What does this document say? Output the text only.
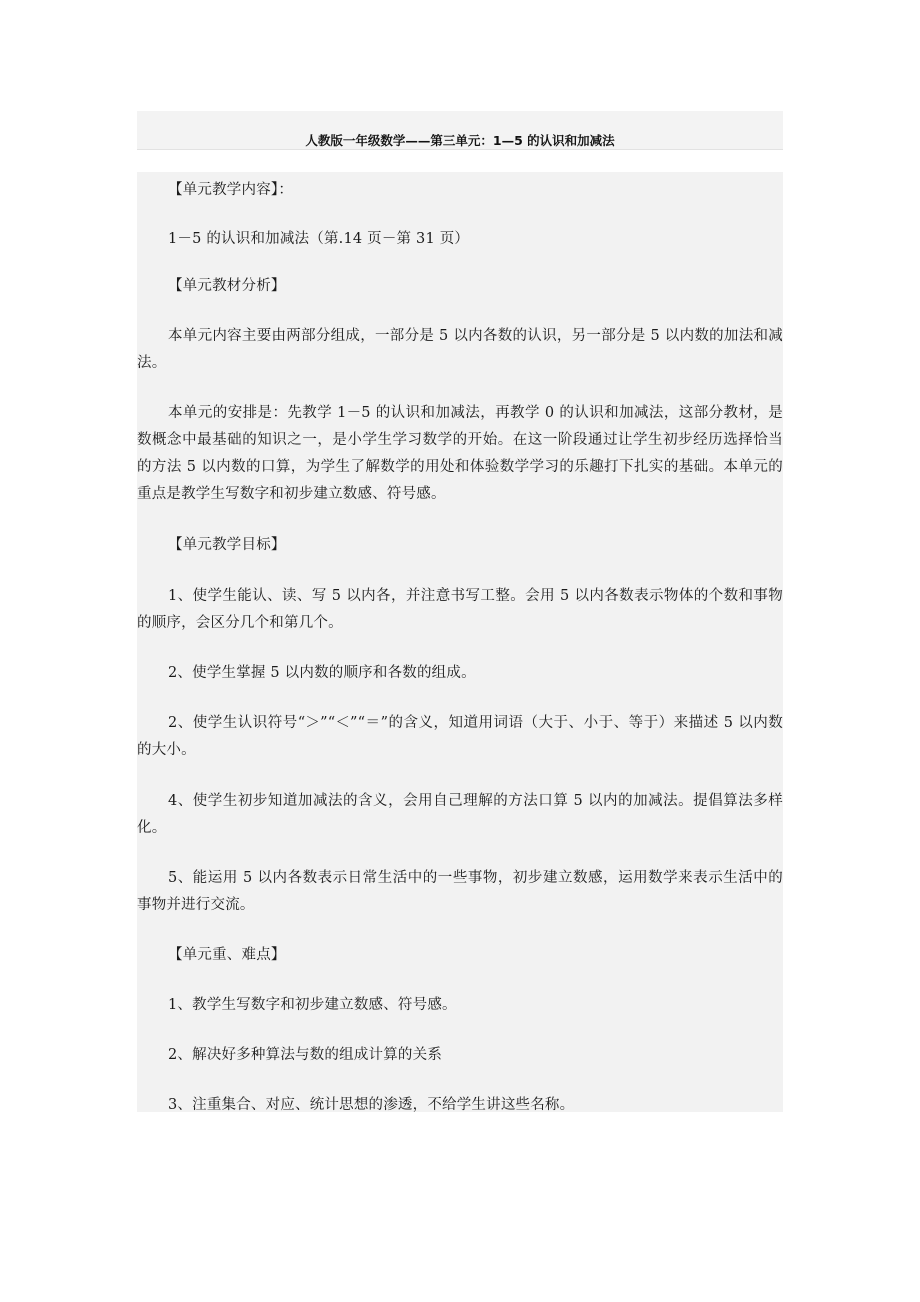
人教版一年级数学——第三单元：1—5 的认识和加减法

【单元教学内容】：

1－5 的认识和加减法（第.14 页－第 31 页）

【单元教材分析】

本单元内容主要由两部分组成，一部分是 5 以内各数的认识，另一部分是 5 以内数的加法和减法。

本单元的安排是：先教学 1－5 的认识和加减法，再教学 0 的认识和加减法，这部分教材，是数概念中最基础的知识之一，是小学生学习数学的开始。在这一阶段通过让学生初步经历选择恰当的方法 5 以内数的口算，为学生了解数学的用处和体验数学学习的乐趣打下扎实的基础。本单元的重点是教学生写数字和初步建立数感、符号感。

【单元教学目标】

1、使学生能认、读、写 5 以内各，并注意书写工整。会用 5 以内各数表示物体的个数和事物的顺序，会区分几个和第几个。

2、使学生掌握 5 以内数的顺序和各数的组成。

2、使学生认识符号“＞”“＜”“＝”的含义，知道用词语（大于、小于、等于）来描述 5 以内数的大小。

4、使学生初步知道加减法的含义，会用自己理解的方法口算 5 以内的加减法。提倡算法多样化。

5、能运用 5 以内各数表示日常生活中的一些事物，初步建立数感，运用数学来表示生活中的事物并进行交流。

【单元重、难点】

1、教学生写数字和初步建立数感、符号感。

2、解决好多种算法与数的组成计算的关系

3、注重集合、对应、统计思想的渗透，不给学生讲这些名称。
